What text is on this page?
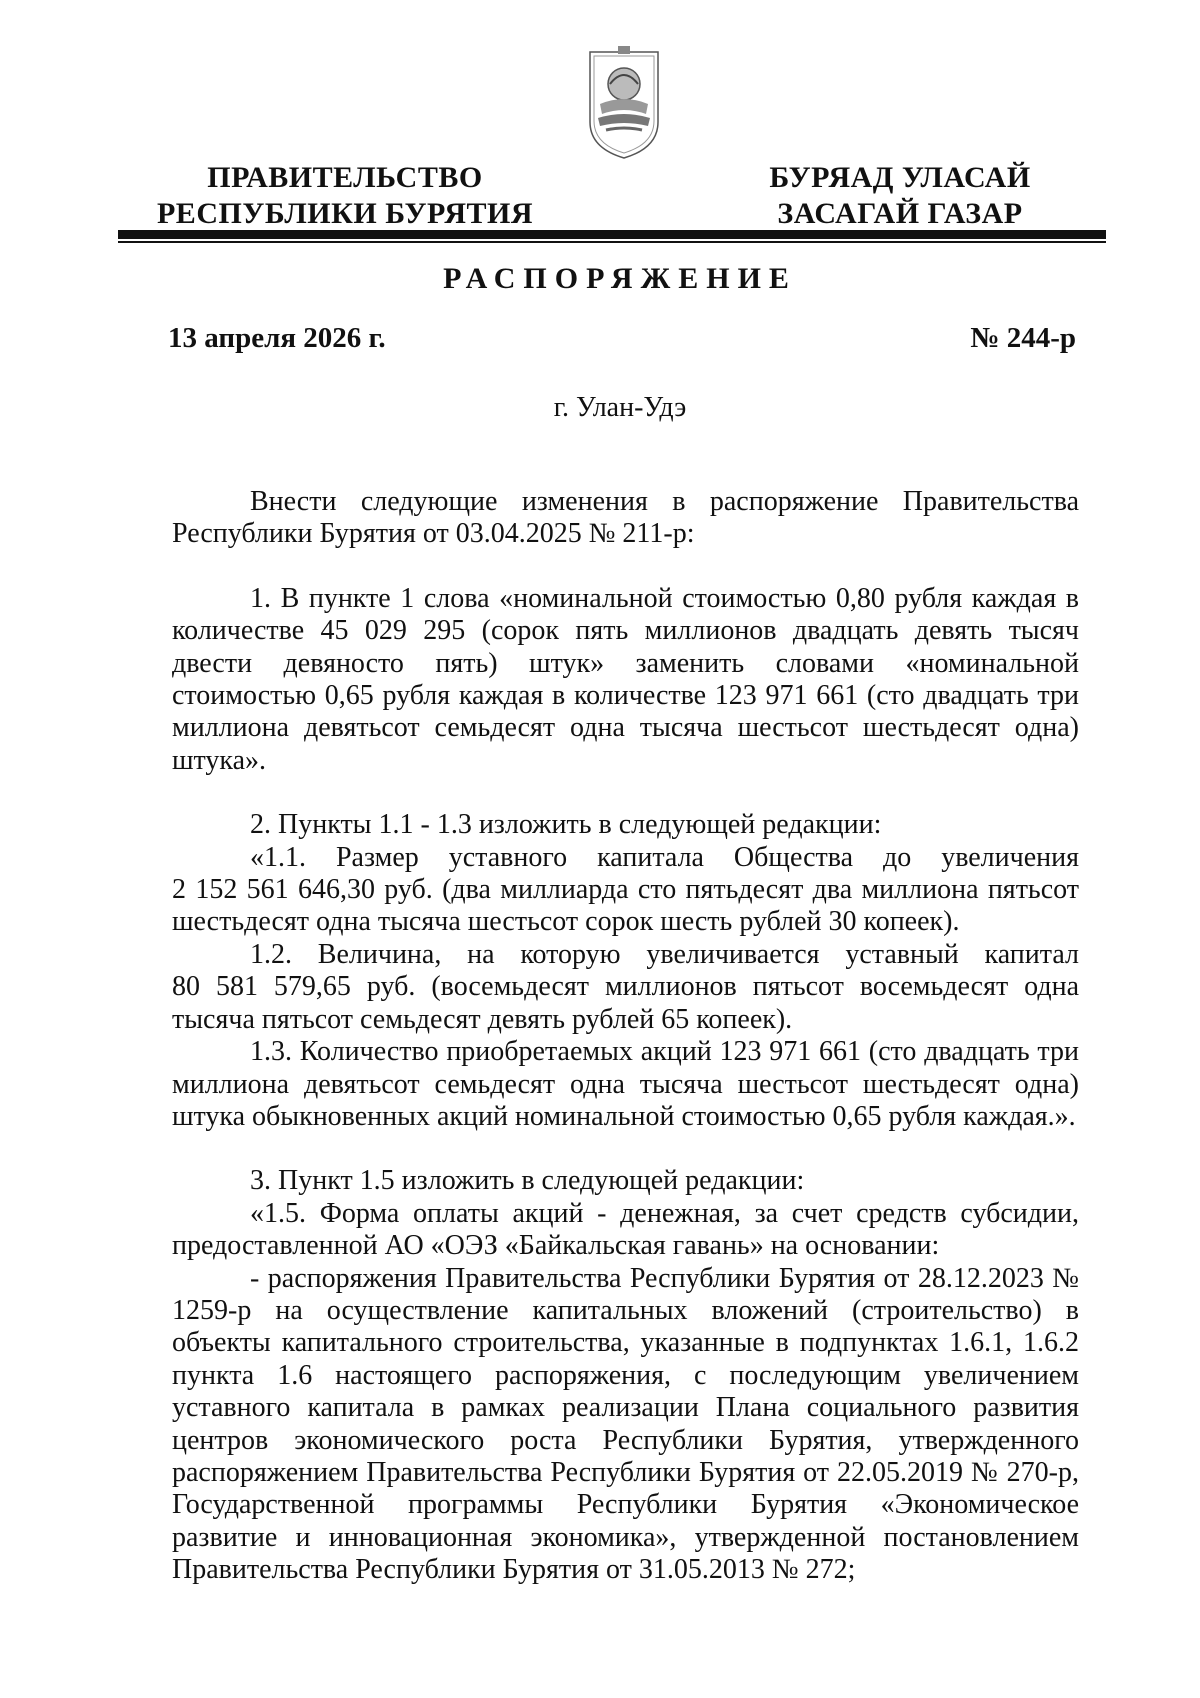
ПРАВИТЕЛЬСТВО
РЕСПУБЛИКИ БУРЯТИЯ
БУРЯАД УЛАСАЙ
ЗАСАГАЙ ГАЗАР
РАСПОРЯЖЕНИЕ
13 апреля 2026 г.	№ 244-р
г. Улан-Удэ

Внести следующие изменения в распоряжение Правительства Республики Бурятия от 03.04.2025 № 211-р:

1. В пункте 1 слова «номинальной стоимостью 0,80 рубля каждая в количестве 45 029 295 (сорок пять миллионов двадцать девять тысяч двести девяносто пять) штук» заменить словами «номинальной стоимостью 0,65 рубля каждая в количестве 123 971 661 (сто двадцать три миллиона девятьсот семьдесят одна тысяча шестьсот шестьдесят одна) штука».

2. Пункты 1.1 - 1.3 изложить в следующей редакции:

«1.1. Размер уставного капитала Общества до увеличения

2 152 561 646,30 руб. (два миллиарда сто пятьдесят два миллиона пятьсот шестьдесят одна тысяча шестьсот сорок шесть рублей 30 копеек).

1.2. Величина, на которую увеличивается уставный капитал

80 581 579,65 руб. (восемьдесят миллионов пятьсот восемьдесят одна тысяча пятьсот семьдесят девять рублей 65 копеек).

1.3. Количество приобретаемых акций 123 971 661 (сто двадцать три миллиона девятьсот семьдесят одна тысяча шестьсот шестьдесят одна) штука обыкновенных акций номинальной стоимостью 0,65 рубля каждая.».

3. Пункт 1.5 изложить в следующей редакции:

«1.5. Форма оплаты акций - денежная, за счет средств субсидии, предоставленной АО «ОЭЗ «Байкальская гавань» на основании:

- распоряжения Правительства Республики Бурятия от 28.12.2023 № 1259-р на осуществление капитальных вложений (строительство) в объекты капитального строительства, указанные в подпунктах 1.6.1, 1.6.2 пункта 1.6 настоящего распоряжения, с последующим увеличением уставного капитала в рамках реализации Плана социального развития центров экономического роста Республики Бурятия, утвержденного распоряжением Правительства Республики Бурятия от 22.05.2019 № 270-р, Государственной программы Республики Бурятия «Экономическое развитие и инновационная экономика», утвержденной постановлением Правительства Республики Бурятия от 31.05.2013 № 272;
